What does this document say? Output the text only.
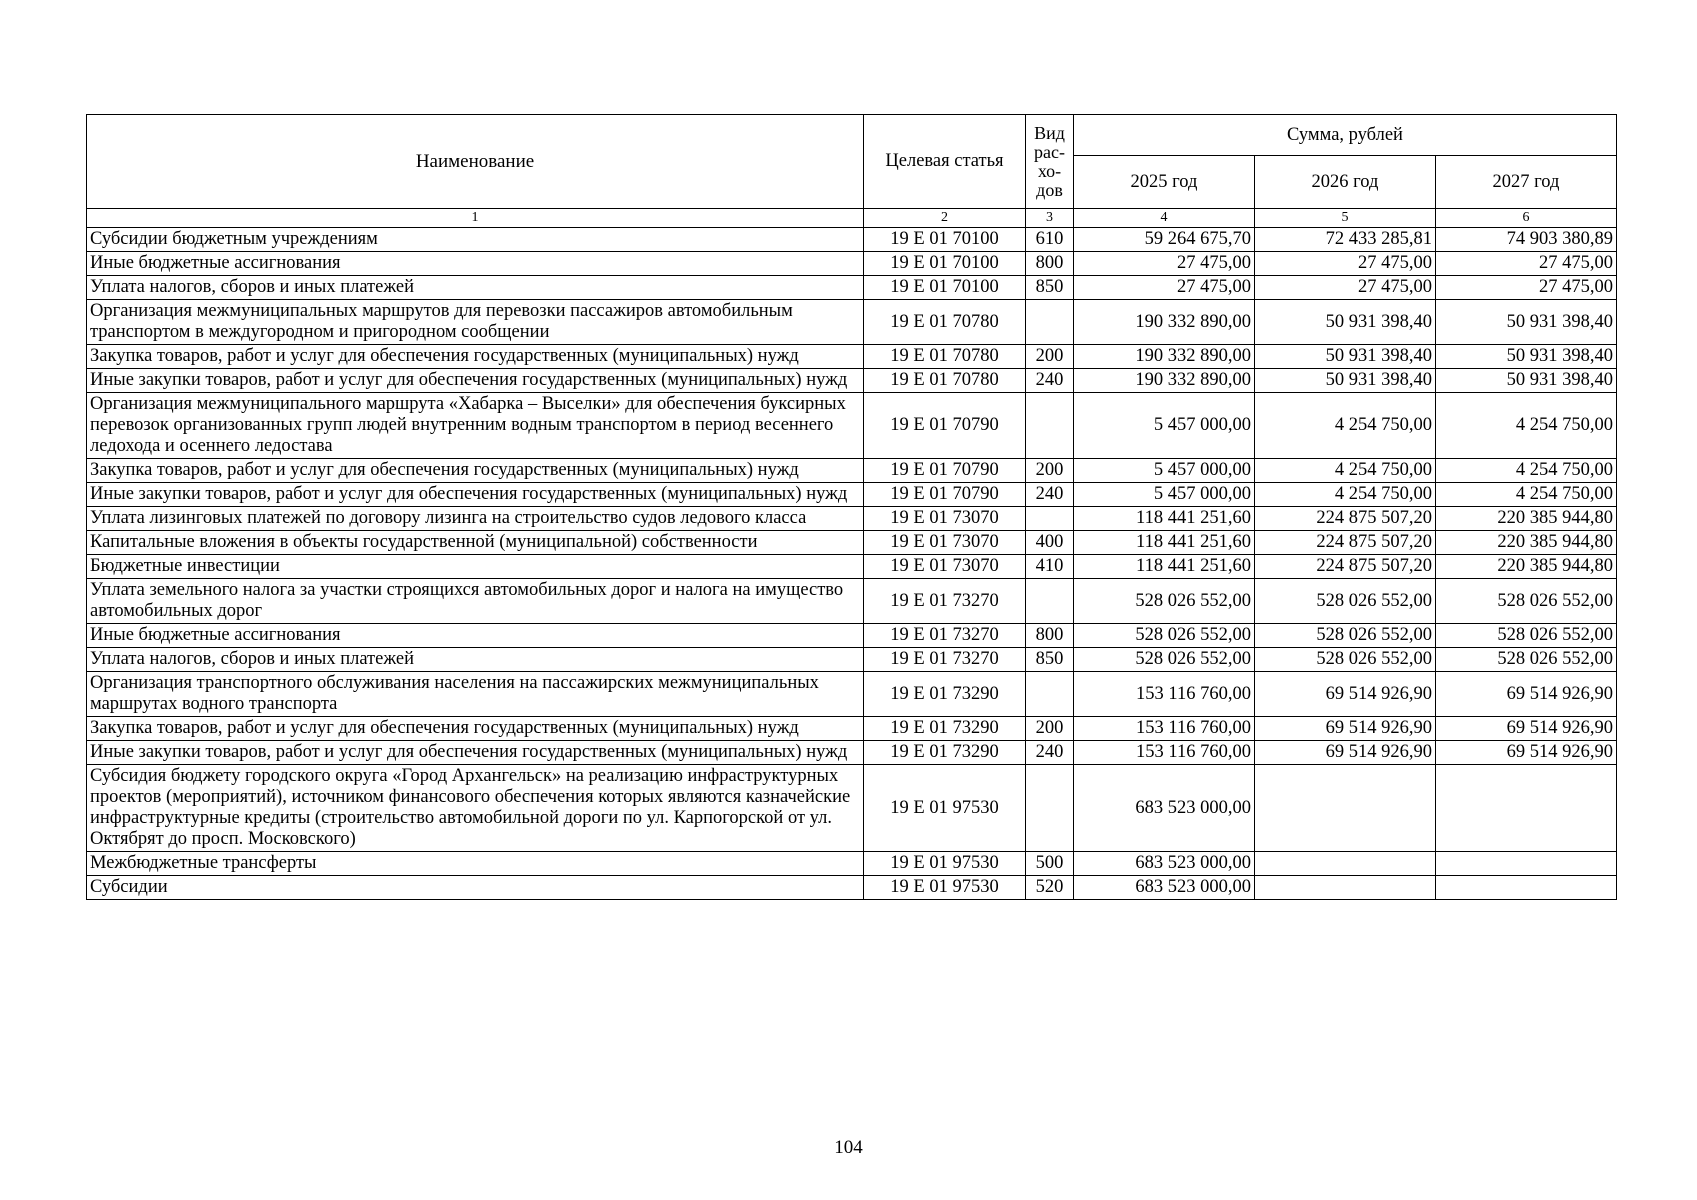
Наименование	Целевая статья	Вид рас-хо-дов	Сумма, рублей		
			2025 год	2026 год	2027 год
1	2	3	4	5	6
Субсидии бюджетным учреждениям	19 Е 01 70100	610	59 264 675,70	72 433 285,81	74 903 380,89
Иные бюджетные ассигнования	19 Е 01 70100	800	27 475,00	27 475,00	27 475,00
Уплата налогов, сборов и иных платежей	19 Е 01 70100	850	27 475,00	27 475,00	27 475,00
Организация межмуниципальных маршрутов для перевозки пассажиров автомобильным транспортом в междугородном и пригородном сообщении	19 Е 01 70780		190 332 890,00	50 931 398,40	50 931 398,40
Закупка товаров, работ и услуг для обеспечения государственных (муниципальных) нужд	19 Е 01 70780	200	190 332 890,00	50 931 398,40	50 931 398,40
Иные закупки товаров, работ и услуг для обеспечения государственных (муниципальных) нужд	19 Е 01 70780	240	190 332 890,00	50 931 398,40	50 931 398,40
Организация межмуниципального маршрута «Хабарка – Выселки» для обеспечения буксирных перевозок организованных групп людей внутренним водным транспортом в период весеннего ледохода и осеннего ледостава	19 Е 01 70790		5 457 000,00	4 254 750,00	4 254 750,00
Закупка товаров, работ и услуг для обеспечения государственных (муниципальных) нужд	19 Е 01 70790	200	5 457 000,00	4 254 750,00	4 254 750,00
Иные закупки товаров, работ и услуг для обеспечения государственных (муниципальных) нужд	19 Е 01 70790	240	5 457 000,00	4 254 750,00	4 254 750,00
Уплата лизинговых платежей по договору лизинга на строительство судов ледового класса	19 Е 01 73070		118 441 251,60	224 875 507,20	220 385 944,80
Капитальные вложения в объекты государственной (муниципальной) собственности	19 Е 01 73070	400	118 441 251,60	224 875 507,20	220 385 944,80
Бюджетные инвестиции	19 Е 01 73070	410	118 441 251,60	224 875 507,20	220 385 944,80
Уплата земельного налога за участки строящихся автомобильных дорог и налога на имущество автомобильных дорог	19 Е 01 73270		528 026 552,00	528 026 552,00	528 026 552,00
Иные бюджетные ассигнования	19 Е 01 73270	800	528 026 552,00	528 026 552,00	528 026 552,00
Уплата налогов, сборов и иных платежей	19 Е 01 73270	850	528 026 552,00	528 026 552,00	528 026 552,00
Организация транспортного обслуживания населения на пассажирских межмуниципальных маршрутах водного транспорта	19 Е 01 73290		153 116 760,00	69 514 926,90	69 514 926,90
Закупка товаров, работ и услуг для обеспечения государственных (муниципальных) нужд	19 Е 01 73290	200	153 116 760,00	69 514 926,90	69 514 926,90
Иные закупки товаров, работ и услуг для обеспечения государственных (муниципальных) нужд	19 Е 01 73290	240	153 116 760,00	69 514 926,90	69 514 926,90
Субсидия бюджету городского округа «Город Архангельск» на реализацию инфраструктурных проектов (мероприятий), источником финансового обеспечения которых являются казначейские инфраструктурные кредиты (строительство автомобильной дороги по ул. Карпогорской от ул. Октябрят до просп. Московского)	19 Е 01 97530		683 523 000,00		
Межбюджетные трансферты	19 Е 01 97530	500	683 523 000,00		
Субсидии	19 Е 01 97530	520	683 523 000,00		
104
